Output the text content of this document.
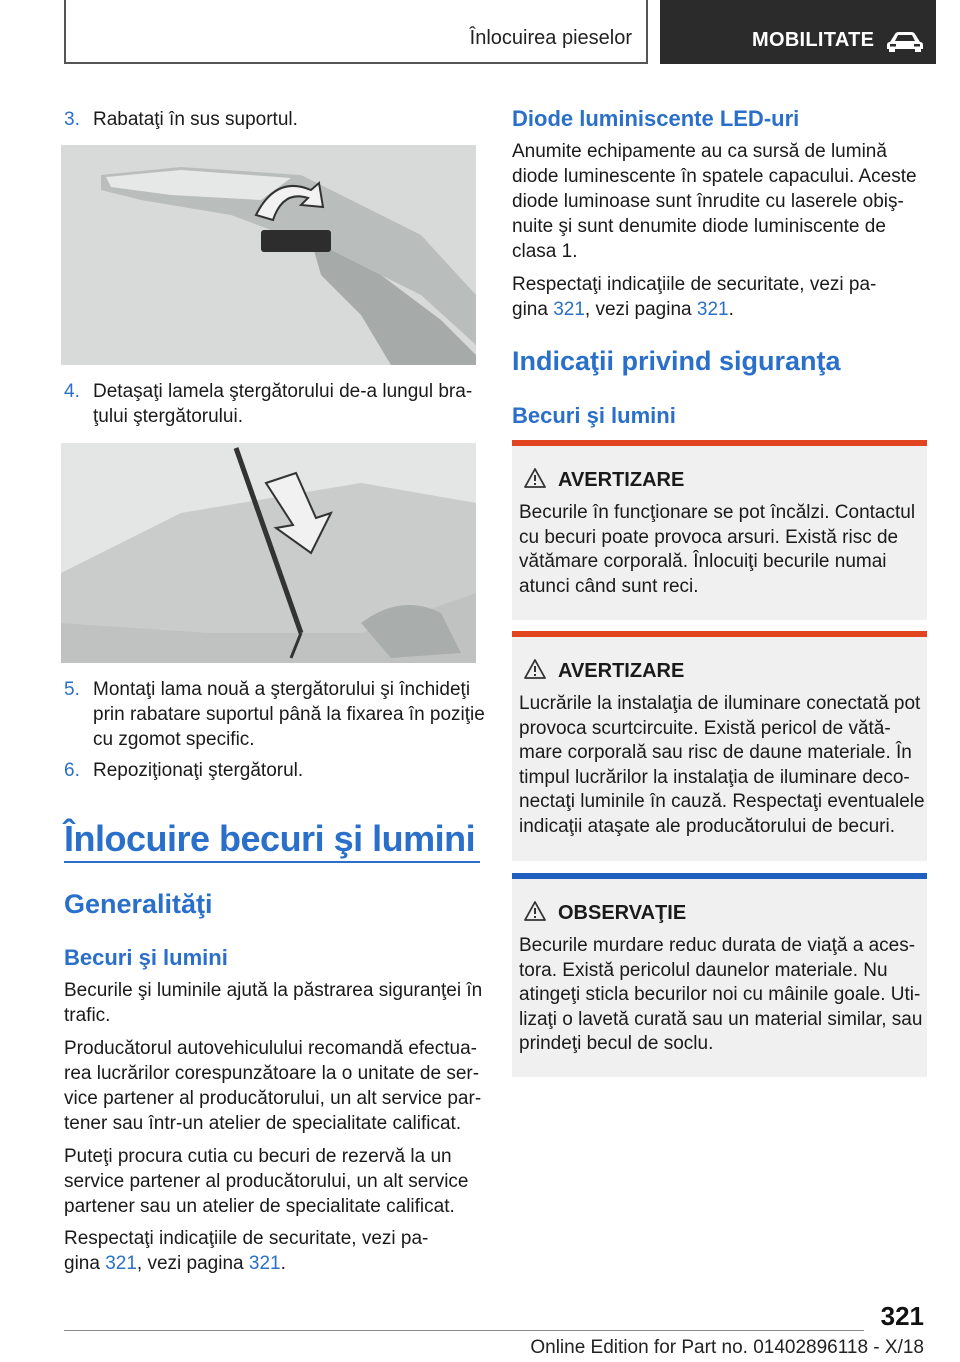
Înlocuirea pieselor	MOBILITATE
3. Rabataţi în sus suportul.
4. Detaşaţi lamela ştergătorului de-a lungul bra‐
ţului ştergătorului.
5. Montaţi lama nouă a ştergătorului şi închideţi
prin rabatare suportul până la fixarea în poziţie
cu zgomot specific.
6. Repoziţionaţi ştergătorul.
Înlocuire becuri şi lumini
Generalităţi
Becuri şi lumini
Becurile şi luminile ajută la păstrarea siguranţei în
trafic.
Producătorul autovehiculului recomandă efectua‐
rea lucrărilor corespunzătoare la o unitate de ser‐
vice partener al producătorului, un alt service par‐
tener sau într-un atelier de specialitate calificat.
Puteţi procura cutia cu becuri de rezervă la un
service partener al producătorului, un alt service
partener sau un atelier de specialitate calificat.
Respectaţi indicaţiile de securitate, vezi pa‐
gina 321, vezi pagina 321.
Diode luminiscente LED-uri
Anumite echipamente au ca sursă de lumină
diode luminescente în spatele capacului. Aceste
diode luminoase sunt înrudite cu laserele obiş‐
nuite şi sunt denumite diode luminiscente de
clasa 1.
Respectaţi indicaţiile de securitate, vezi pa‐
gina 321, vezi pagina 321.
Indicaţii privind siguranţa
Becuri şi lumini
AVERTIZARE
Becurile în funcţionare se pot încălzi. Contactul
cu becuri poate provoca arsuri. Există risc de
vătămare corporală. Înlocuiţi becurile numai
atunci când sunt reci.
AVERTIZARE
Lucrările la instalaţia de iluminare conectată pot
provoca scurtcircuite. Există pericol de vătă‐
mare corporală sau risc de daune materiale. În
timpul lucrărilor la instalaţia de iluminare deco‐
nectaţi luminile în cauză. Respectaţi eventualele
indicaţii ataşate ale producătorului de becuri.
OBSERVAŢIE
Becurile murdare reduc durata de viaţă a aces‐
tora. Există pericolul daunelor materiale. Nu
atingeţi sticla becurilor noi cu mâinile goale. Uti‐
lizaţi o lavetă curată sau un material similar, sau
prindeţi becul de soclu.
321
Online Edition for Part no. 01402896118 - X/18
